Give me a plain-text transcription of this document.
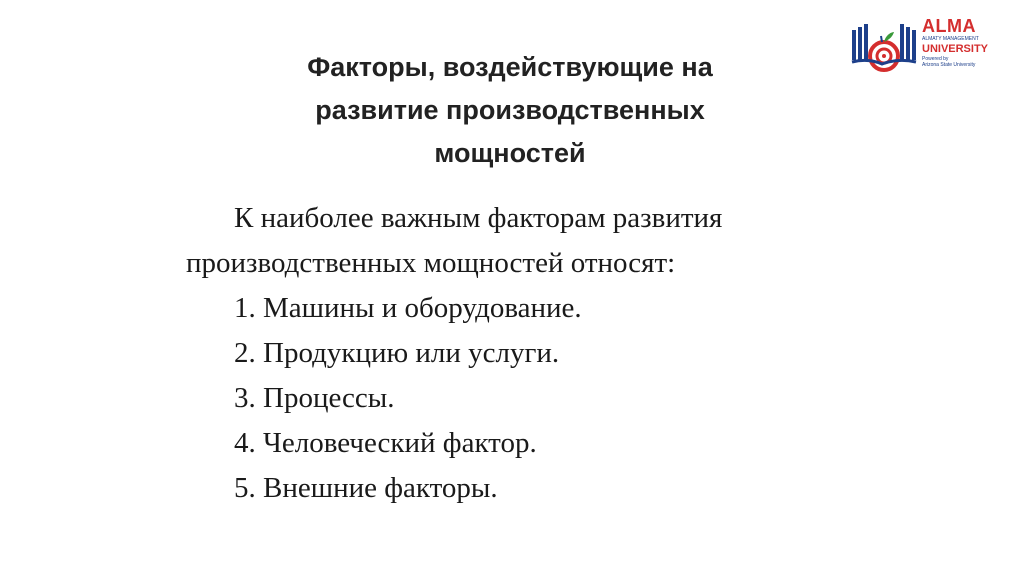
ALMA
ALMATY MANAGEMENT
UNIVERSITY
Powered by
Arizona State University
Факторы, воздействующие на
развитие производственных
мощностей
К наиболее важным факторам развития
производственных мощностей относят:
1. Машины и оборудование.
2. Продукцию или услуги.
3. Процессы.
4. Человеческий фактор.
5. Внешние факторы.
